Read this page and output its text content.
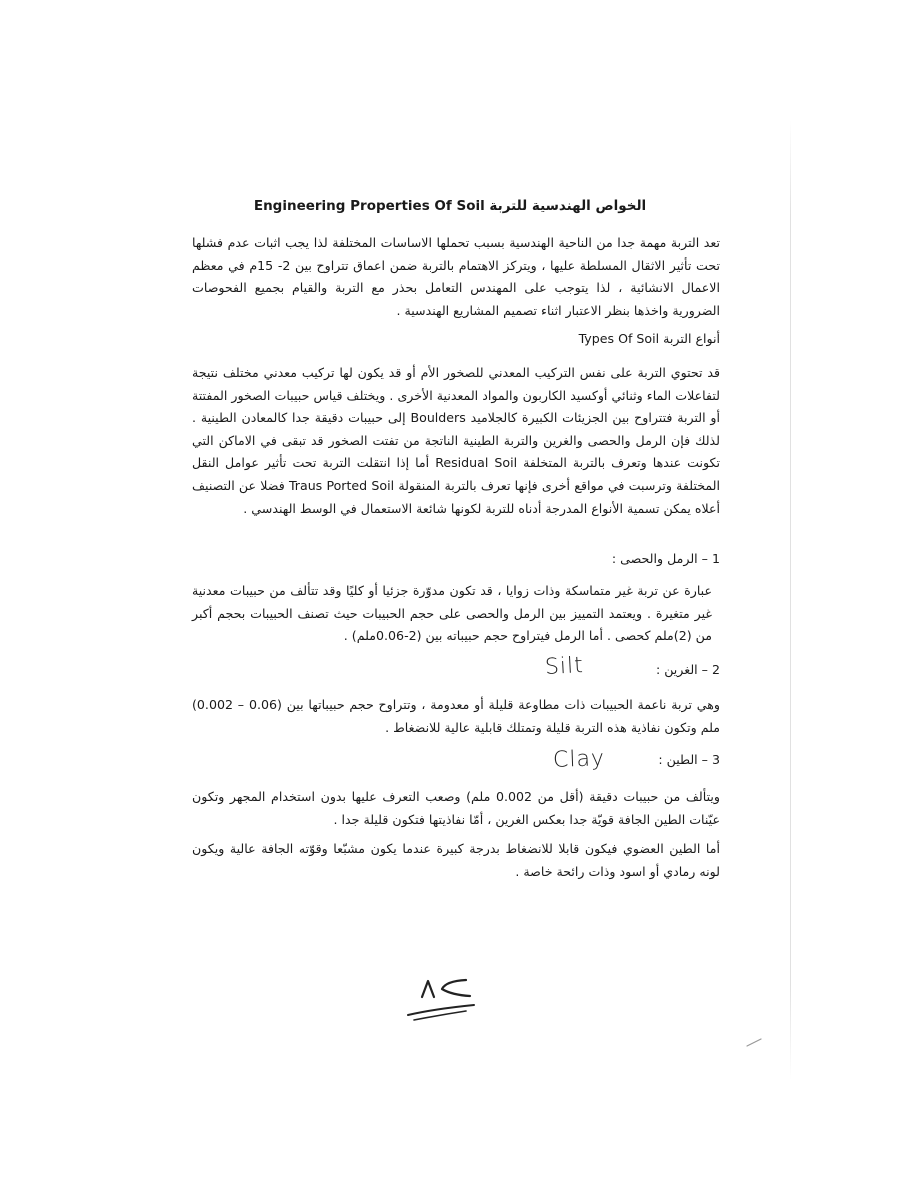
الخواص الهندسية للتربة Engineering Properties Of Soil

تعد التربة مهمة جدا من الناحية الهندسية بسبب تحملها الاساسات المختلفة لذا يجب اثبات عدم فشلها تحت تأثير الاثقال المسلطة عليها ، ويتركز الاهتمام بالتربة ضمن اعماق تتراوح بين 2- 15م في معظم الاعمال الانشائية ، لذا يتوجب على المهندس التعامل بحذر مع التربة والقيام بجميع الفحوصات الضرورية واخذها بنظر الاعتبار اثناء تصميم المشاريع الهندسية .

أنواع التربة Types Of Soil

قد تحتوي التربة على نفس التركيب المعدني للصخور الأم أو قد يكون لها تركيب معدني مختلف نتيجة لتفاعلات الماء وثنائي أوكسيد الكاربون والمواد المعدنية الأخرى . ويختلف قياس حبيبات الصخور المفتتة أو التربة فتتراوح بين الجزيئات الكبيرة كالجلاميد Boulders إلى حبيبات دقيقة جدا كالمعادن الطينية . لذلك فإن الرمل والحصى والغرين والتربة الطينية الناتجة من تفتت الصخور قد تبقى في الاماكن التي تكونت عندها وتعرف بالتربة المتخلفة Residual Soil أما إذا انتقلت التربة تحت تأثير عوامل النقل المختلفة وترسبت في مواقع أخرى فإنها تعرف بالتربة المنقولة Traus Ported Soil فضلا عن التصنيف أعلاه يمكن تسمية الأنواع المدرجة أدناه للتربة لكونها شائعة الاستعمال في الوسط الهندسي .

1 – الرمل والحصى :

عبارة عن تربة غير متماسكة وذات زوايا ، قد تكون مدوّرة جزئيا أو كليًا وقد تتألف من حبيبات معدنية غير متغيرة . ويعتمد التمييز بين الرمل والحصى على حجم الحبيبات حيث تصنف الحبيبات بحجم أكبر من (2)ملم كحصى . أما الرمل فيتراوح حجم حبيباته بين (2-0.06ملم) .

2 – الغرين :
Silt

وهي تربة ناعمة الحبيبات ذات مطاوعة قليلة أو معدومة ، وتتراوح حجم حبيباتها بين (0.06 – 0.002) ملم وتكون نفاذية هذه التربة قليلة وتمتلك قابلية عالية للانضغاط .

3 – الطين :
Clay

ويتألف من حبيبات دقيقة (أقل من 0.002 ملم) وصعب التعرف عليها بدون استخدام المجهر وتكون عيّنات الطين الجافة قويّة جدا بعكس الغرين ، أمّا نفاذيتها فتكون قليلة جدا .

أما الطين العضوي فيكون قابلا للانضغاط بدرجة كبيرة عندما يكون مشبّعا وقوّته الجافة عالية ويكون لونه رمادي أو اسود وذات رائحة خاصة .
